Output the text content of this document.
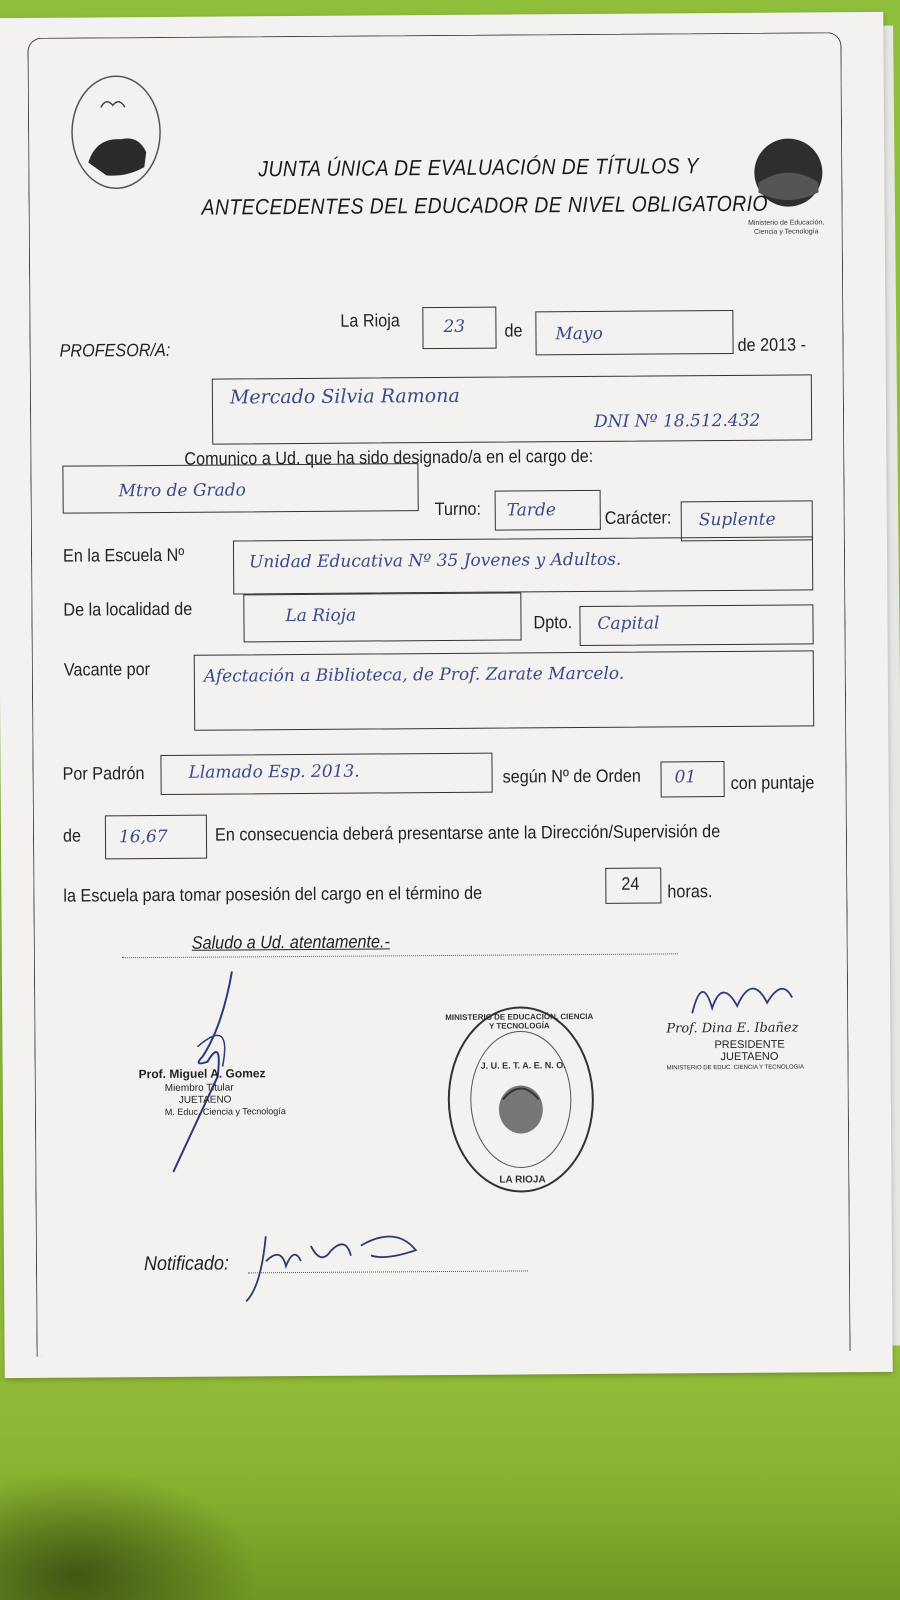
Ministerio de Educación, Ciencia y Tecnología
JUNTA ÚNICA DE EVALUACIÓN DE TÍTULOS Y
ANTECEDENTES DEL EDUCADOR DE NIVEL OBLIGATORIO
La Rioja	23 de Mayo
de 2013 -
PROFESOR/A:
Mercado Silvia Ramona
DNI Nº 18.512.432
Comunico a Ud. que ha sido designado/a en el cargo de:
Mtro de Grado
Turno: Tarde	Carácter: Suplente
En la Escuela Nº	Unidad Educativa Nº 35 Jovenes y Adultos.
De la localidad de	La Rioja	Dpto. Capital
Vacante por	Afectación a Biblioteca, de Prof. Zarate Marcelo.
Por Padrón	Llamado Esp. 2013.	según Nº de Orden 01 con puntaje
de 16,67	En consecuencia deberá presentarse ante la Dirección/Supervisión de
la Escuela para tomar posesión del cargo en el término de	24 horas.
Saludo a Ud. atentamente.-
Prof. Miguel A. Gomez
Miembro Titular
JUETAENO
M. Educ. Ciencia y Tecnología
MINISTERIO DE EDUCACIÓN, CIENCIA Y TECNOLOGÍA
J. U. E. T. A. E. N. O.
LA RIOJA
Prof. Dina E. Ibañez
PRESIDENTE
JUETAENO
MINISTERIO DE EDUC. CIENCIA Y TECNOLOGIA
Notificado:
